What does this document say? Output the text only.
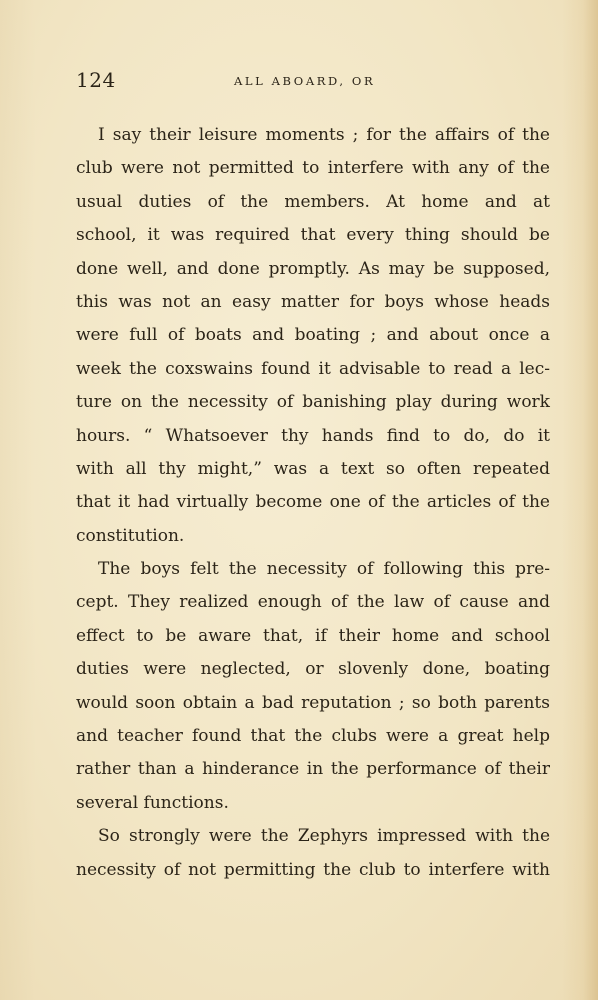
124	ALL ABOARD, OR
I say their leisure moments ; for the affairs of the
club were not permitted to interfere with any of the
usual duties of the members. At home and at
school, it was required that every thing should be
done well, and done promptly. As may be supposed,
this was not an easy matter for boys whose heads
were full of boats and boating ; and about once a
week the coxswains found it advisable to read a lec-
ture on the necessity of banishing play during work
hours. “ Whatsoever thy hands find to do, do it
with all thy might,” was a text so often repeated
that it had virtually become one of the articles of the
constitution.
The boys felt the necessity of following this pre-
cept. They realized enough of the law of cause and
effect to be aware that, if their home and school
duties were neglected, or slovenly done, boating
would soon obtain a bad reputation ; so both parents
and teacher found that the clubs were a great help
rather than a hinderance in the performance of their
several functions.
So strongly were the Zephyrs impressed with the
necessity of not permitting the club to interfere with
